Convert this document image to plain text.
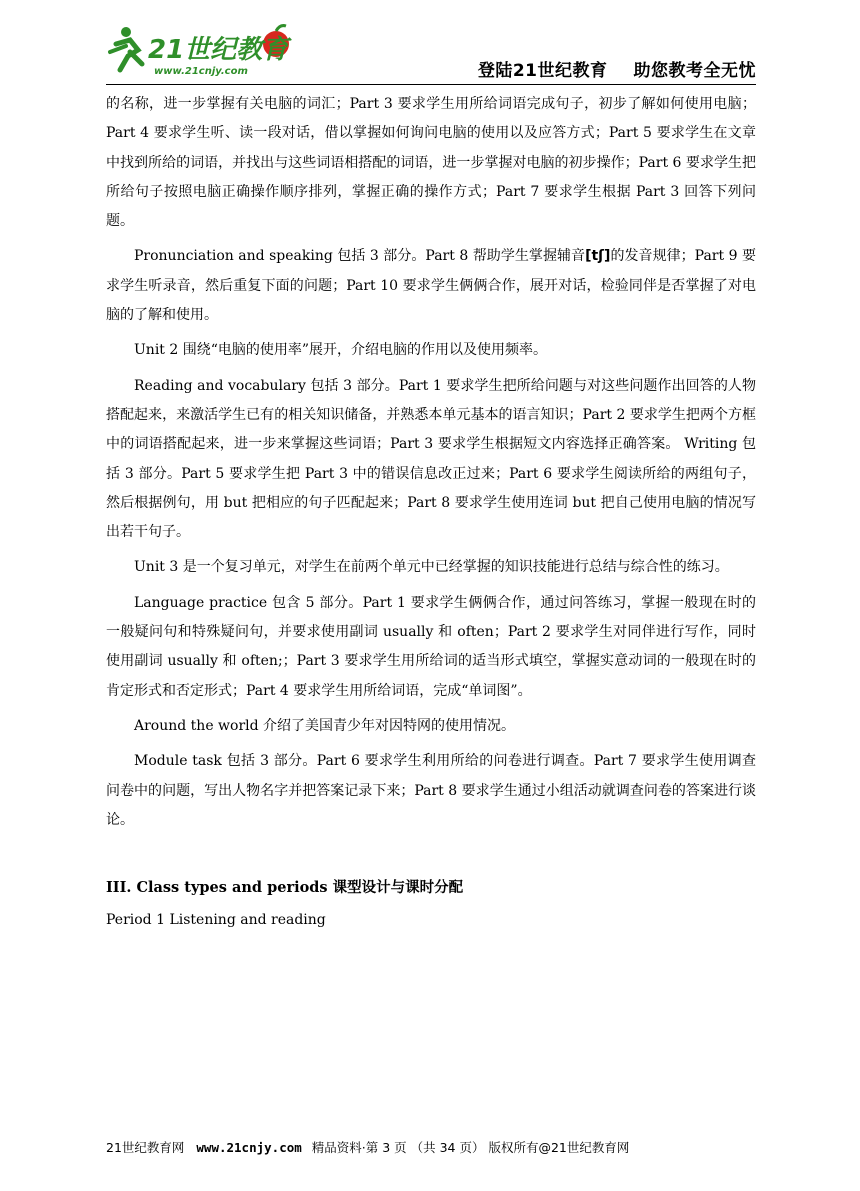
21世纪教育
www.21cnjy.com	登陆21世纪教育 助您教考全无忧

的名称，进一步掌握有关电脑的词汇；Part 3 要求学生用所给词语完成句子，初步了解如何使用电脑；Part 4 要求学生听、读一段对话，借以掌握如何询问电脑的使用以及应答方式；Part 5 要求学生在文章中找到所给的词语，并找出与这些词语相搭配的词语，进一步掌握对电脑的初步操作；Part 6 要求学生把所给句子按照电脑正确操作顺序排列，掌握正确的操作方式；Part 7 要求学生根据 Part 3 回答下列问题。

Pronunciation and speaking 包括 3 部分。Part 8 帮助学生掌握辅音[tʃ]的发音规律；Part 9 要求学生听录音，然后重复下面的问题；Part 10 要求学生俩俩合作，展开对话，检验同伴是否掌握了对电脑的了解和使用。

Unit 2 围绕“电脑的使用率”展开，介绍电脑的作用以及使用频率。

Reading and vocabulary 包括 3 部分。Part 1 要求学生把所给问题与对这些问题作出回答的人物搭配起来，来激活学生已有的相关知识储备，并熟悉本单元基本的语言知识；Part 2 要求学生把两个方框中的词语搭配起来，进一步来掌握这些词语；Part 3 要求学生根据短文内容选择正确答案。 Writing 包括 3 部分。Part 5 要求学生把 Part 3 中的错误信息改正过来；Part 6 要求学生阅读所给的两组句子，然后根据例句，用 but 把相应的句子匹配起来；Part 8 要求学生使用连词 but 把自己使用电脑的情况写出若干句子。

Unit 3 是一个复习单元，对学生在前两个单元中已经掌握的知识技能进行总结与综合性的练习。

Language practice 包含 5 部分。Part 1 要求学生俩俩合作，通过问答练习，掌握一般现在时的一般疑问句和特殊疑问句，并要求使用副词 usually 和 often；Part 2 要求学生对同伴进行写作，同时使用副词 usually 和 often;；Part 3 要求学生用所给词的适当形式填空，掌握实意动词的一般现在时的肯定形式和否定形式；Part 4 要求学生用所给词语，完成“单词图”。

Around the world 介绍了美国青少年对因特网的使用情况。

Module task 包括 3 部分。Part 6 要求学生利用所给的问卷进行调查。Part 7 要求学生使用调查问卷中的问题，写出人物名字并把答案记录下来；Part 8 要求学生通过小组活动就调查问卷的答案进行谈论。

III. Class types and periods 课型设计与课时分配
Period 1 Listening and reading
21世纪教育网 www.21cnjy.com 精品资料·第 3 页 （共 34 页） 版权所有@21世纪教育网
